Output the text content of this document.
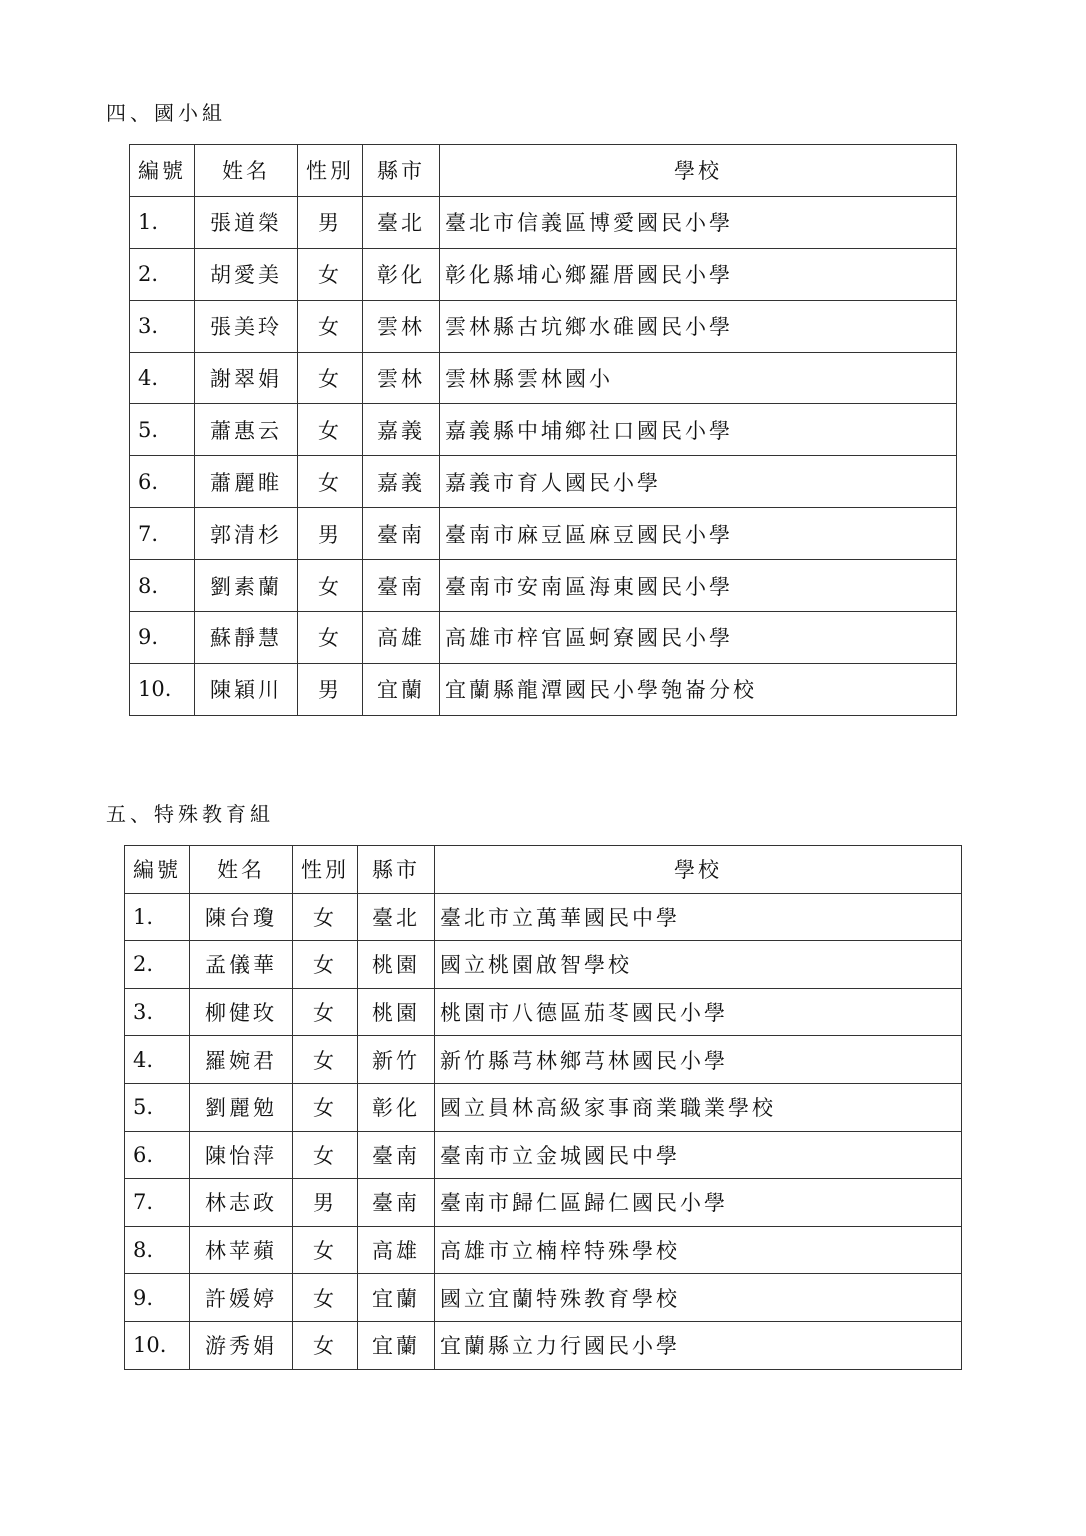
四、國小組
編號	姓名	性別	縣市	學校
1.	張道榮	男	臺北	臺北市信義區博愛國民小學
2.	胡愛美	女	彰化	彰化縣埔心鄉羅厝國民小學
3.	張美玲	女	雲林	雲林縣古坑鄉水碓國民小學
4.	謝翠娟	女	雲林	雲林縣雲林國小
5.	蕭惠云	女	嘉義	嘉義縣中埔鄉社口國民小學
6.	蕭麗睢	女	嘉義	嘉義市育人國民小學
7.	郭清杉	男	臺南	臺南市麻豆區麻豆國民小學
8.	劉素蘭	女	臺南	臺南市安南區海東國民小學
9.	蘇靜慧	女	高雄	高雄市梓官區蚵寮國民小學
10.	陳穎川	男	宜蘭	宜蘭縣龍潭國民小學匏崙分校
五、特殊教育組
編號	姓名	性別	縣市	學校
1.	陳台瓊	女	臺北	臺北市立萬華國民中學
2.	孟儀華	女	桃園	國立桃園啟智學校
3.	柳健玫	女	桃園	桃園市八德區茄苳國民小學
4.	羅婉君	女	新竹	新竹縣芎林鄉芎林國民小學
5.	劉麗勉	女	彰化	國立員林高級家事商業職業學校
6.	陳怡萍	女	臺南	臺南市立金城國民中學
7.	林志政	男	臺南	臺南市歸仁區歸仁國民小學
8.	林苹蘋	女	高雄	高雄市立楠梓特殊學校
9.	許媛婷	女	宜蘭	國立宜蘭特殊教育學校
10.	游秀娟	女	宜蘭	宜蘭縣立力行國民小學
